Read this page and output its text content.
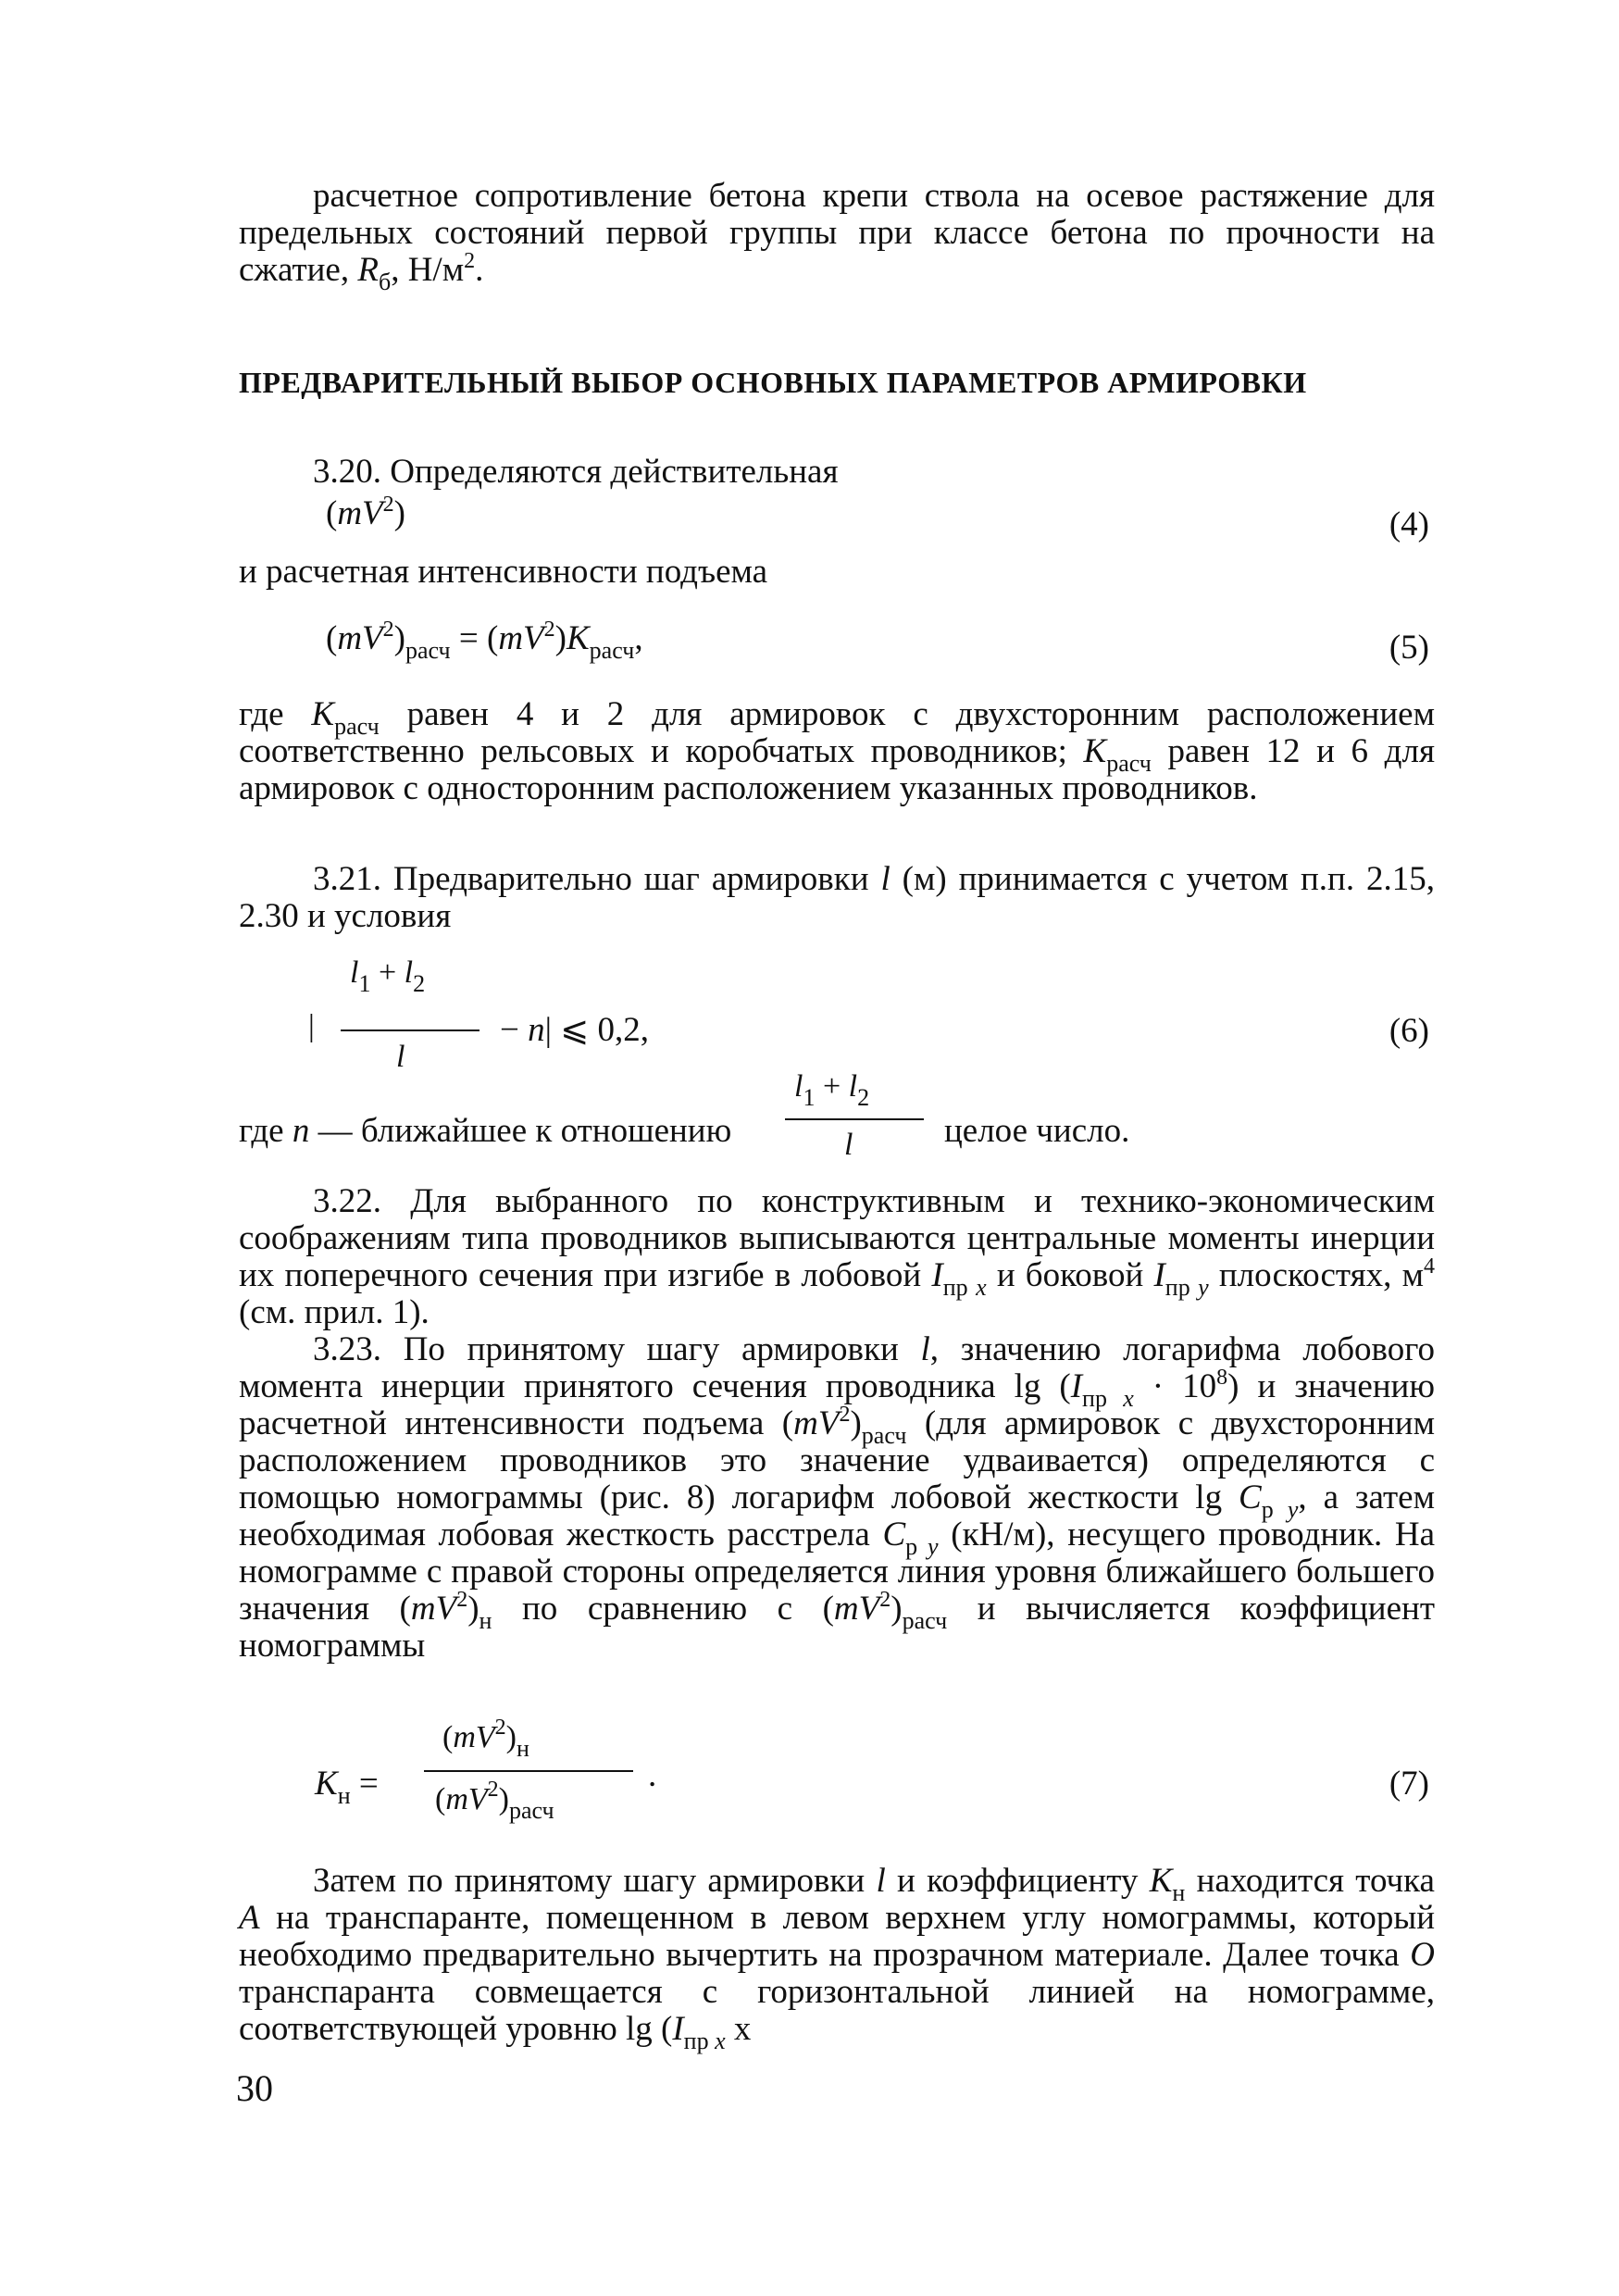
расчетное сопротивление бетона крепи ствола на осевое растяжение для предельных состояний первой группы при классе бетона по прочности на сжатие, $R_б$, $Н/м^2$.
ПРЕДВАРИТЕЛЬНЫЙ ВЫБОР ОСНОВНЫХ ПАРАМЕТРОВ АРМИРОВКИ
3.20. Определяются действительная
$(mV^2)$	(4)
и расчетная интенсивности подъема
$(mV^2)_{расч} = (mV^2)K_{расч}$,	(5)
где $K_{расч}$ равен 4 и 2 для армировок с двухсторонним расположением соответственно рельсовых и коробчатых проводников; $K_{расч}$ равен 12 и 6 для армировок с односторонним расположением указанных проводников.
3.21. Предварительно шаг армировки l (м) принимается с учетом п.п. 2.15, 2.30 и условия
$l_1 + l_2$
|
l
− n| ⩽ 0,2,	(6)
где n — ближайшее к отношению
$l_1 + l_2$
l	целое число.
3.22. Для выбранного по конструктивным и технико-экономическим соображениям типа проводников выписываются центральные моменты инерции их поперечного сечения при изгибе в лобовой $I_{пр x}$ и боковой $I_{пр y}$ плоскостях, $м^4$ (см. прил. 1).
3.23. По принятому шагу армировки l, значению логарифма лобового момента инерции принятого сечения проводника $\lg (I_{пр x} \cdot 10^8)$ и значению расчетной интенсивности подъема $(mV^2)_{расч}$ (для армировок с двухсторонним расположением проводников это значение удваивается) определяются с помощью номограммы (рис. 8) логарифм лобовой жесткости $\lg C_{р y}$, а затем необходимая лобовая жесткость расстрела $C_{р y}$ (кН/м), несущего проводник. На номограмме с правой стороны определяется линия уровня ближайшего большего значения $(mV^2)_н$ по сравнению с $(mV^2)_{расч}$ и вычисляется коэффициент номограммы
$K_н$ =
$(mV^2)_н$
$(mV^2)_{расч}$
.	(7)
Затем по принятому шагу армировки l и коэффициенту $K_н$ находится точка A на транспаранте, помещенном в левом верхнем углу номограммы, который необходимо предварительно вычертить на прозрачном материале. Далее точка O транспаранта совмещается с горизонтальной линией на номограмме, соответствующей уровню $\lg (I_{пр x}$ x
30
